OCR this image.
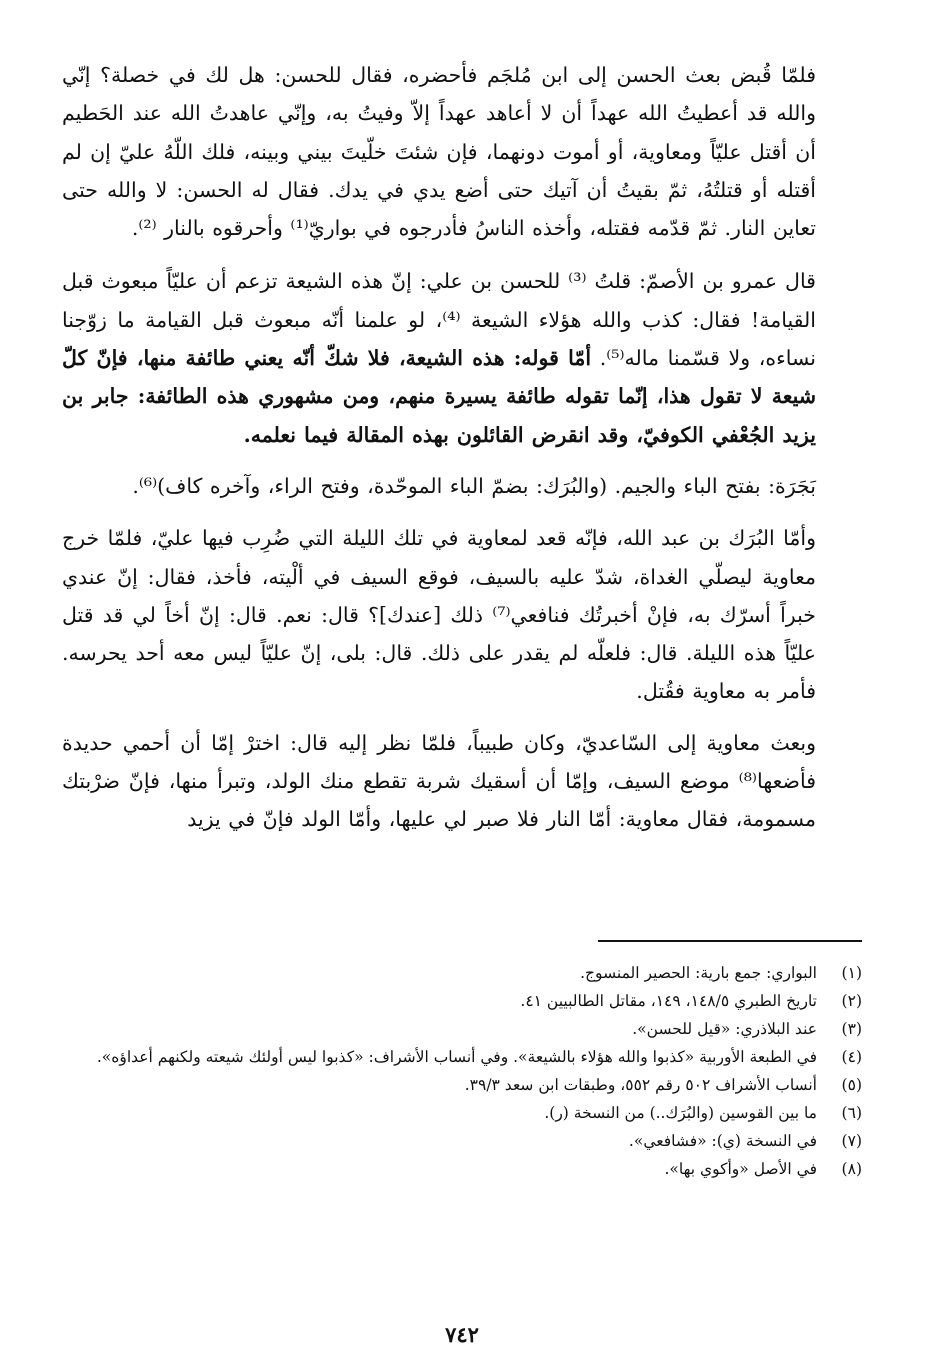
فلمّا قُبض بعث الحسن إلى ابن مُلجَم فأحضره، فقال للحسن: هل لك في خصلة؟ إنّي والله قد أعطيتُ الله عهداً أن لا أعاهد عهداً إلاّ وفيتُ به، وإنّي عاهدتُ الله عند الحَطيم أن أقتل عليّاً ومعاوية، أو أموت دونهما، فإن شئتَ خلّيتَ بيني وبينه، فلك اللّهُ عليّ إن لم أقتله أو قتلتُهُ، ثمّ بقيتُ أن آتيك حتى أضع يدي في يدك. فقال له الحسن: لا والله حتى تعاين النار. ثمّ قدّمه فقتله، وأخذه الناسُ فأدرجوه في بواريّ⁽¹⁾ وأحرقوه بالنار ⁽²⁾.

قال عمرو بن الأصمّ: قلتُ ⁽³⁾ للحسن بن علي: إنّ هذه الشيعة تزعم أن عليّاً مبعوث قبل القيامة! فقال: كذب والله هؤلاء الشيعة ⁽⁴⁾، لو علمنا أنّه مبعوث قبل القيامة ما زوّجنا نساءه، ولا قسّمنا ماله⁽⁵⁾. أمّا قوله: هذه الشيعة، فلا شكّ أنّه يعني طائفة منها، فإنّ كلّ شيعة لا تقول هذا، إنّما تقوله طائفة يسيرة منهم، ومن مشهوري هذه الطائفة: جابر بن يزيد الجُعْفي الكوفيّ، وقد انقرض القائلون بهذه المقالة فيما نعلمه.

بَجَرَة: بفتح الباء والجيم. (والبُرَك: بضمّ الباء الموحّدة، وفتح الراء، وآخره كاف)⁽⁶⁾.

وأمّا البُرَك بن عبد الله، فإنّه قعد لمعاوية في تلك الليلة التي ضُرِب فيها عليّ، فلمّا خرج معاوية ليصلّي الغداة، شدّ عليه بالسيف، فوقع السيف في ألْيته، فأخذ، فقال: إنّ عندي خبراً أسرّك به، فإنْ أخبرتُك فنافعي⁽⁷⁾ ذلك [عندك]؟ قال: نعم. قال: إنّ أخاً لي قد قتل عليّاً هذه الليلة. قال: فلعلّه لم يقدر على ذلك. قال: بلى، إنّ عليّاً ليس معه أحد يحرسه. فأمر به معاوية فقُتل.

وبعث معاوية إلى السّاعديّ، وكان طبيباً، فلمّا نظر إليه قال: اخترْ إمّا أن أحمي حديدة فأضعها⁽⁸⁾ موضع السيف، وإمّا أن أسقيك شربة تقطع منك الولد، وتبرأ منها، فإنّ ضرْبتك مسمومة، فقال معاوية: أمّا النار فلا صبر لي عليها، وأمّا الولد فإنّ في يزيد

(١)
البواري: جمع بارية: الحصير المنسوج.
(٢)
تاريخ الطبري ١٤٨/٥، ١٤٩، مقاتل الطالبيين ٤١.
(٣)
عند البلاذري: «قيل للحسن».
(٤)
في الطبعة الأوربية «كذبوا والله هؤلاء بالشيعة». وفي أنساب الأشراف: «كذبوا ليس أولئك شيعته ولكنهم أعداؤه».
(٥)
أنساب الأشراف ٥٠٢ رقم ٥٥٢، وطبقات ابن سعد ٣٩/٣.
(٦)
ما بين القوسين (والبُرَك..) من النسخة (ر).
(٧)
في النسخة (ي): «فشافعي».
(٨)
في الأصل «وأكوي بها».
٧٤٢
